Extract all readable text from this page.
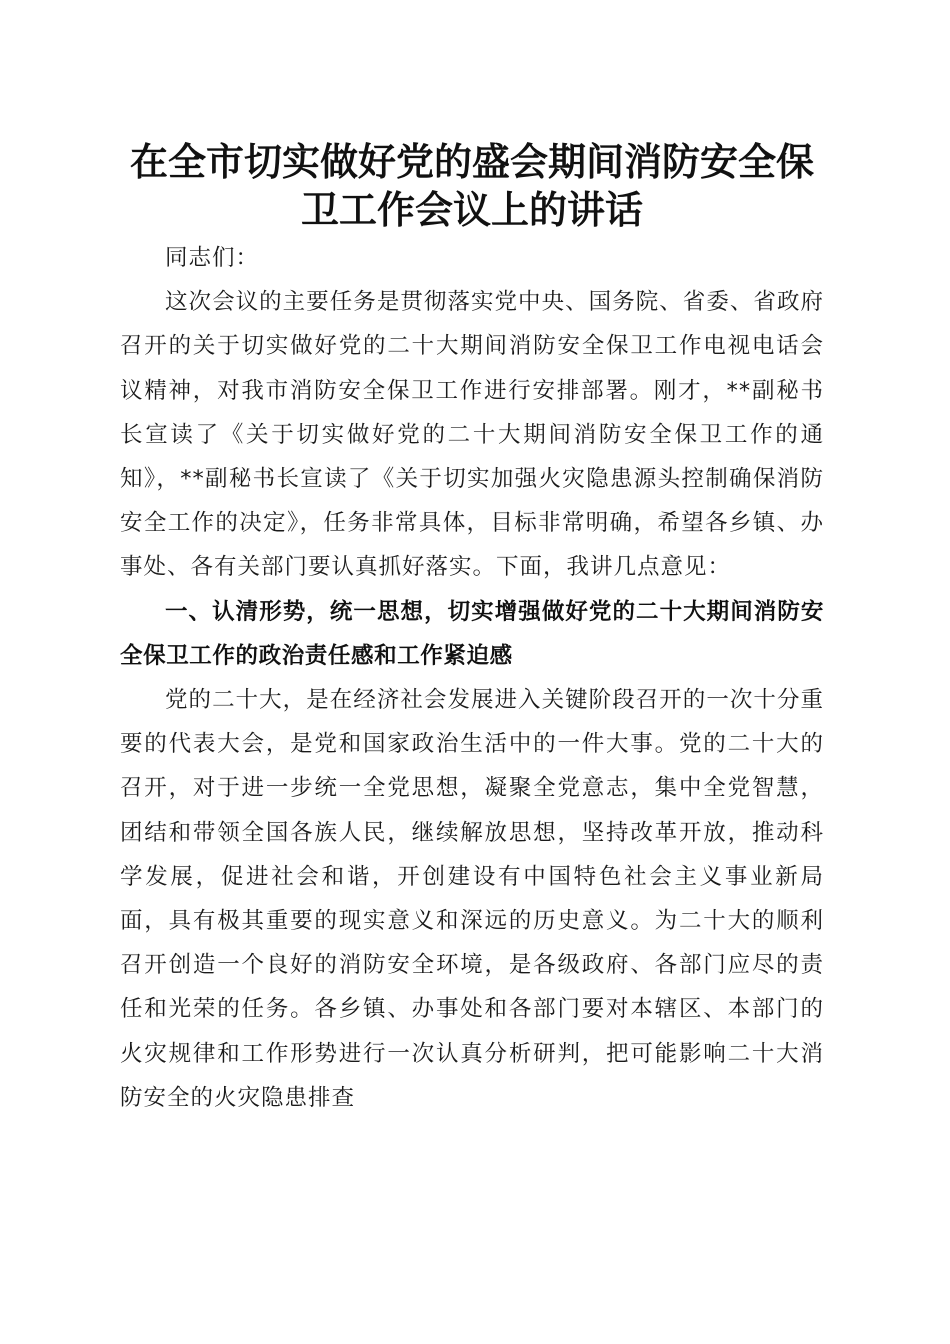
在全市切实做好党的盛会期间消防安全保卫工作会议上的讲话

同志们：

这次会议的主要任务是贯彻落实党中央、国务院、省委、省政府召开的关于切实做好党的二十大期间消防安全保卫工作电视电话会议精神，对我市消防安全保卫工作进行安排部署。刚才，**副秘书长宣读了《关于切实做好党的二十大期间消防安全保卫工作的通知》，**副秘书长宣读了《关于切实加强火灾隐患源头控制确保消防安全工作的决定》，任务非常具体，目标非常明确，希望各乡镇、办事处、各有关部门要认真抓好落实。下面，我讲几点意见：

一、认清形势，统一思想，切实增强做好党的二十大期间消防安全保卫工作的政治责任感和工作紧迫感

党的二十大，是在经济社会发展进入关键阶段召开的一次十分重要的代表大会，是党和国家政治生活中的一件大事。党的二十大的召开，对于进一步统一全党思想，凝聚全党意志，集中全党智慧，团结和带领全国各族人民，继续解放思想，坚持改革开放，推动科学发展，促进社会和谐，开创建设有中国特色社会主义事业新局面，具有极其重要的现实意义和深远的历史意义。为二十大的顺利召开创造一个良好的消防安全环境，是各级政府、各部门应尽的责任和光荣的任务。各乡镇、办事处和各部门要对本辖区、本部门的火灾规律和工作形势进行一次认真分析研判，把可能影响二十大消防安全的火灾隐患排查
